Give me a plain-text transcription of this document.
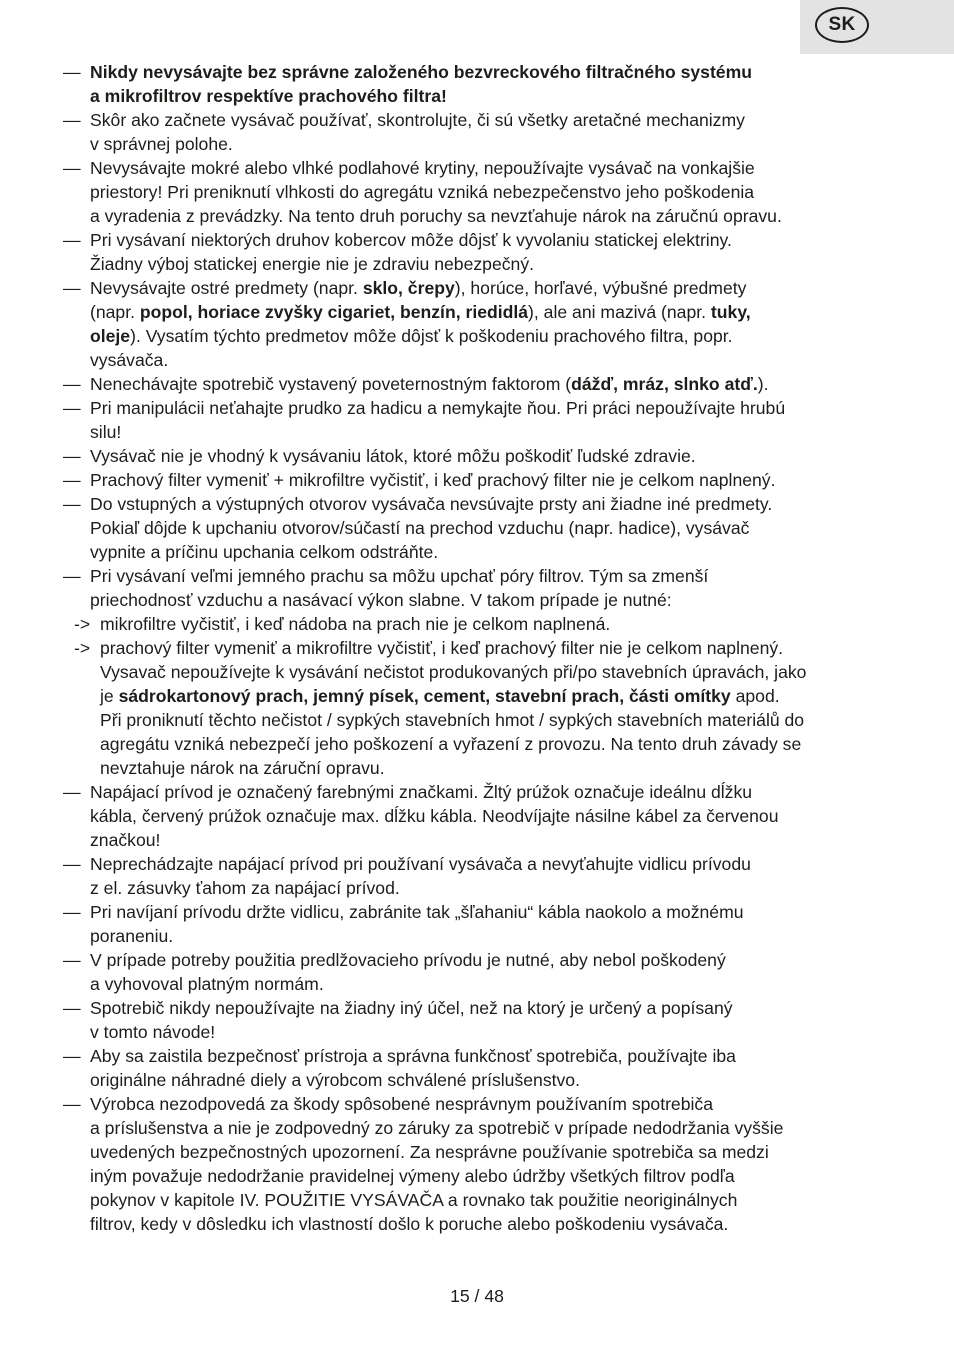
SK
— Nikdy nevysávajte bez správne založeného bezvreckového filtračného systému
a mikrofiltrov respektíve prachového filtra!
— Skôr ako začnete vysávač používať, skontrolujte, či sú všetky aretačné mechanizmy
v správnej polohe.
— Nevysávajte mokré alebo vlhké podlahové krytiny, nepoužívajte vysávač na vonkajšie
priestory! Pri preniknutí vlhkosti do agregátu vzniká nebezpečenstvo jeho poškodenia
a vyradenia z prevádzky. Na tento druh poruchy sa nevzťahuje nárok na záručnú opravu.
— Pri vysávaní niektorých druhov kobercov môže dôjsť k vyvolaniu statickej elektriny.
Žiadny výboj statickej energie nie je zdraviu nebezpečný.
— Nevysávajte ostré predmety (napr. sklo, črepy), horúce, horľavé, výbušné predmety
(napr. popol, horiace zvyšky cigariet, benzín, riedidlá), ale ani mazivá (napr. tuky,
oleje). Vysatím týchto predmetov môže dôjsť k poškodeniu prachového filtra, popr.
vysávača.
— Nenechávajte spotrebič vystavený poveternostným faktorom (dážď, mráz, slnko atď.).
— Pri manipulácii neťahajte prudko za hadicu a nemykajte ňou. Pri práci nepoužívajte hrubú
silu!
— Vysávač nie je vhodný k vysávaniu látok, ktoré môžu poškodiť ľudské zdravie.
— Prachový filter vymeniť + mikrofiltre vyčistiť, i keď prachový filter nie je celkom naplnený.
— Do vstupných a výstupných otvorov vysávača nevsúvajte prsty ani žiadne iné predmety.
Pokiaľ dôjde k upchaniu otvorov/súčastí na prechod vzduchu (napr. hadice), vysávač
vypnite a príčinu upchania celkom odstráňte.
— Pri vysávaní veľmi jemného prachu sa môžu upchať póry filtrov. Tým sa zmenší
priechodnosť vzduchu a nasávací výkon slabne. V takom prípade je nutné:
-> mikrofiltre vyčistiť, i keď nádoba na prach nie je celkom naplnená.
-> prachový filter vymeniť a mikrofiltre vyčistiť, i keď prachový filter nie je celkom naplnený.
Vysavač nepoužívejte k vysávání nečistot produkovaných při/po stavebních úpravách, jako
je sádrokartonový prach, jemný písek, cement, stavební prach, části omítky apod.
Při proniknutí těchto nečistot / sypkých stavebních hmot / sypkých stavebních materiálů do
agregátu vzniká nebezpečí jeho poškození a vyřazení z provozu. Na tento druh závady se
nevztahuje nárok na záruční opravu.
— Napájací prívod je označený farebnými značkami. Žltý prúžok označuje ideálnu dĺžku
kábla, červený prúžok označuje max. dĺžku kábla. Neodvíjajte násilne kábel za červenou
značkou!
— Neprechádzajte napájací prívod pri používaní vysávača a nevyťahujte vidlicu prívodu
z el. zásuvky ťahom za napájací prívod.
— Pri navíjaní prívodu držte vidlicu, zabránite tak „šľahaniu“ kábla naokolo a možnému
poraneniu.
— V prípade potreby použitia predlžovacieho prívodu je nutné, aby nebol poškodený
a vyhovoval platným normám.
— Spotrebič nikdy nepoužívajte na žiadny iný účel, než na ktorý je určený a popísaný
v tomto návode!
— Aby sa zaistila bezpečnosť prístroja a správna funkčnosť spotrebiča, používajte iba
originálne náhradné diely a výrobcom schválené príslušenstvo.
— Výrobca nezodpovedá za škody spôsobené nesprávnym používaním spotrebiča
a príslušenstva a nie je zodpovedný zo záruky za spotrebič v prípade nedodržania vyššie
uvedených bezpečnostných upozornení. Za nesprávne používanie spotrebiča sa medzi
iným považuje nedodržanie pravidelnej výmeny alebo údržby všetkých filtrov podľa
pokynov v kapitole IV. POUŽITIE VYSÁVAČA a rovnako tak použitie neoriginálnych
filtrov, kedy v dôsledku ich vlastností došlo k poruche alebo poškodeniu vysávača.
15 / 48
